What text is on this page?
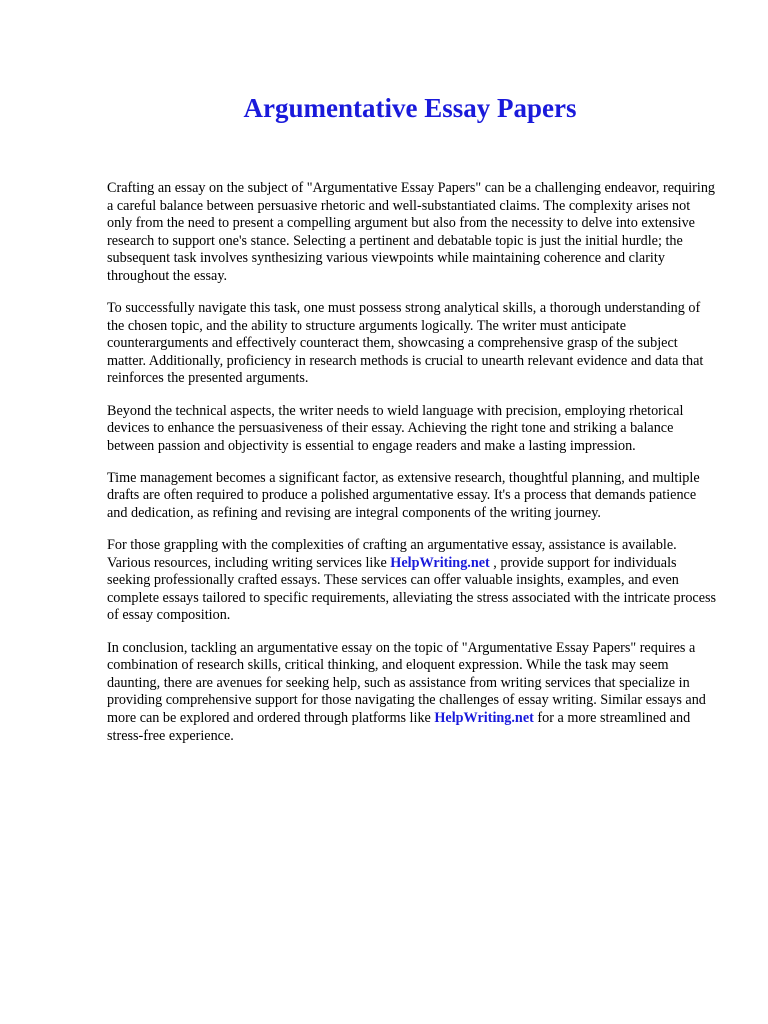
Argumentative Essay Papers

Crafting an essay on the subject of "Argumentative Essay Papers" can be a challenging endeavor, requiring a careful balance between persuasive rhetoric and well-substantiated claims. The complexity arises not only from the need to present a compelling argument but also from the necessity to delve into extensive research to support one's stance. Selecting a pertinent and debatable topic is just the initial hurdle; the subsequent task involves synthesizing various viewpoints while maintaining coherence and clarity throughout the essay.

To successfully navigate this task, one must possess strong analytical skills, a thorough understanding of the chosen topic, and the ability to structure arguments logically. The writer must anticipate counterarguments and effectively counteract them, showcasing a comprehensive grasp of the subject matter. Additionally, proficiency in research methods is crucial to unearth relevant evidence and data that reinforces the presented arguments.

Beyond the technical aspects, the writer needs to wield language with precision, employing rhetorical devices to enhance the persuasiveness of their essay. Achieving the right tone and striking a balance between passion and objectivity is essential to engage readers and make a lasting impression.

Time management becomes a significant factor, as extensive research, thoughtful planning, and multiple drafts are often required to produce a polished argumentative essay. It's a process that demands patience and dedication, as refining and revising are integral components of the writing journey.

For those grappling with the complexities of crafting an argumentative essay, assistance is available. Various resources, including writing services like HelpWriting.net , provide support for individuals seeking professionally crafted essays. These services can offer valuable insights, examples, and even complete essays tailored to specific requirements, alleviating the stress associated with the intricate process of essay composition.

In conclusion, tackling an argumentative essay on the topic of "Argumentative Essay Papers" requires a combination of research skills, critical thinking, and eloquent expression. While the task may seem daunting, there are avenues for seeking help, such as assistance from writing services that specialize in providing comprehensive support for those navigating the challenges of essay writing. Similar essays and more can be explored and ordered through platforms like HelpWriting.net for a more streamlined and stress-free experience.
